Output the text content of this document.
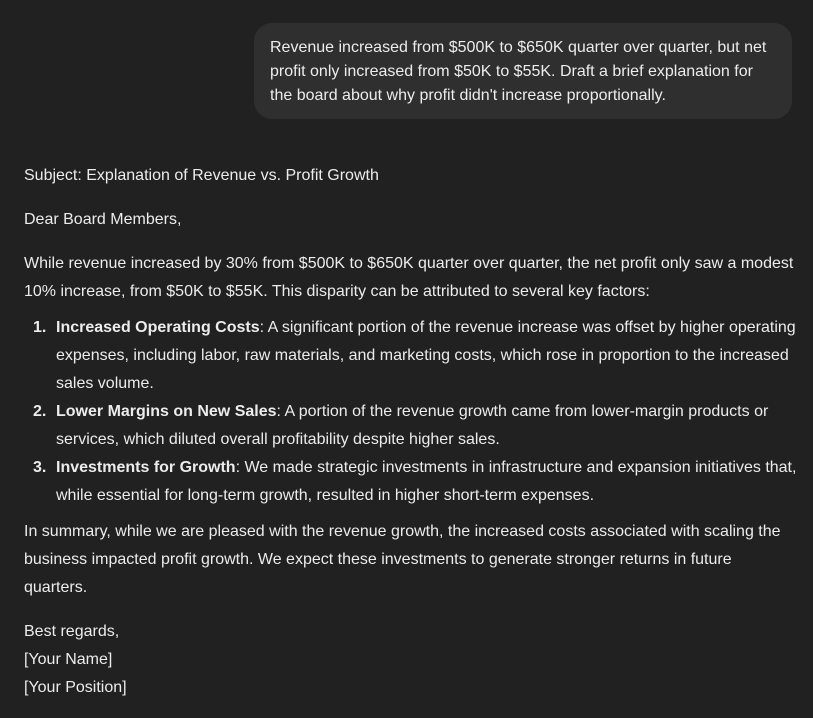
Revenue increased from $500K to $650K quarter over quarter, but net profit only increased from $50K to $55K. Draft a brief explanation for the board about why profit didn't increase proportionally.

Subject: Explanation of Revenue vs. Profit Growth

Dear Board Members,

While revenue increased by 30% from $500K to $650K quarter over quarter, the net profit only saw a modest 10% increase, from $50K to $55K. This disparity can be attributed to several key factors:

Increased Operating Costs: A significant portion of the revenue increase was offset by higher operating expenses, including labor, raw materials, and marketing costs, which rose in proportion to the increased sales volume.
Lower Margins on New Sales: A portion of the revenue growth came from lower-margin products or services, which diluted overall profitability despite higher sales.
Investments for Growth: We made strategic investments in infrastructure and expansion initiatives that, while essential for long-term growth, resulted in higher short-term expenses.

In summary, while we are pleased with the revenue growth, the increased costs associated with scaling the business impacted profit growth. We expect these investments to generate stronger returns in future quarters.

Best regards,
[Your Name]
[Your Position]
